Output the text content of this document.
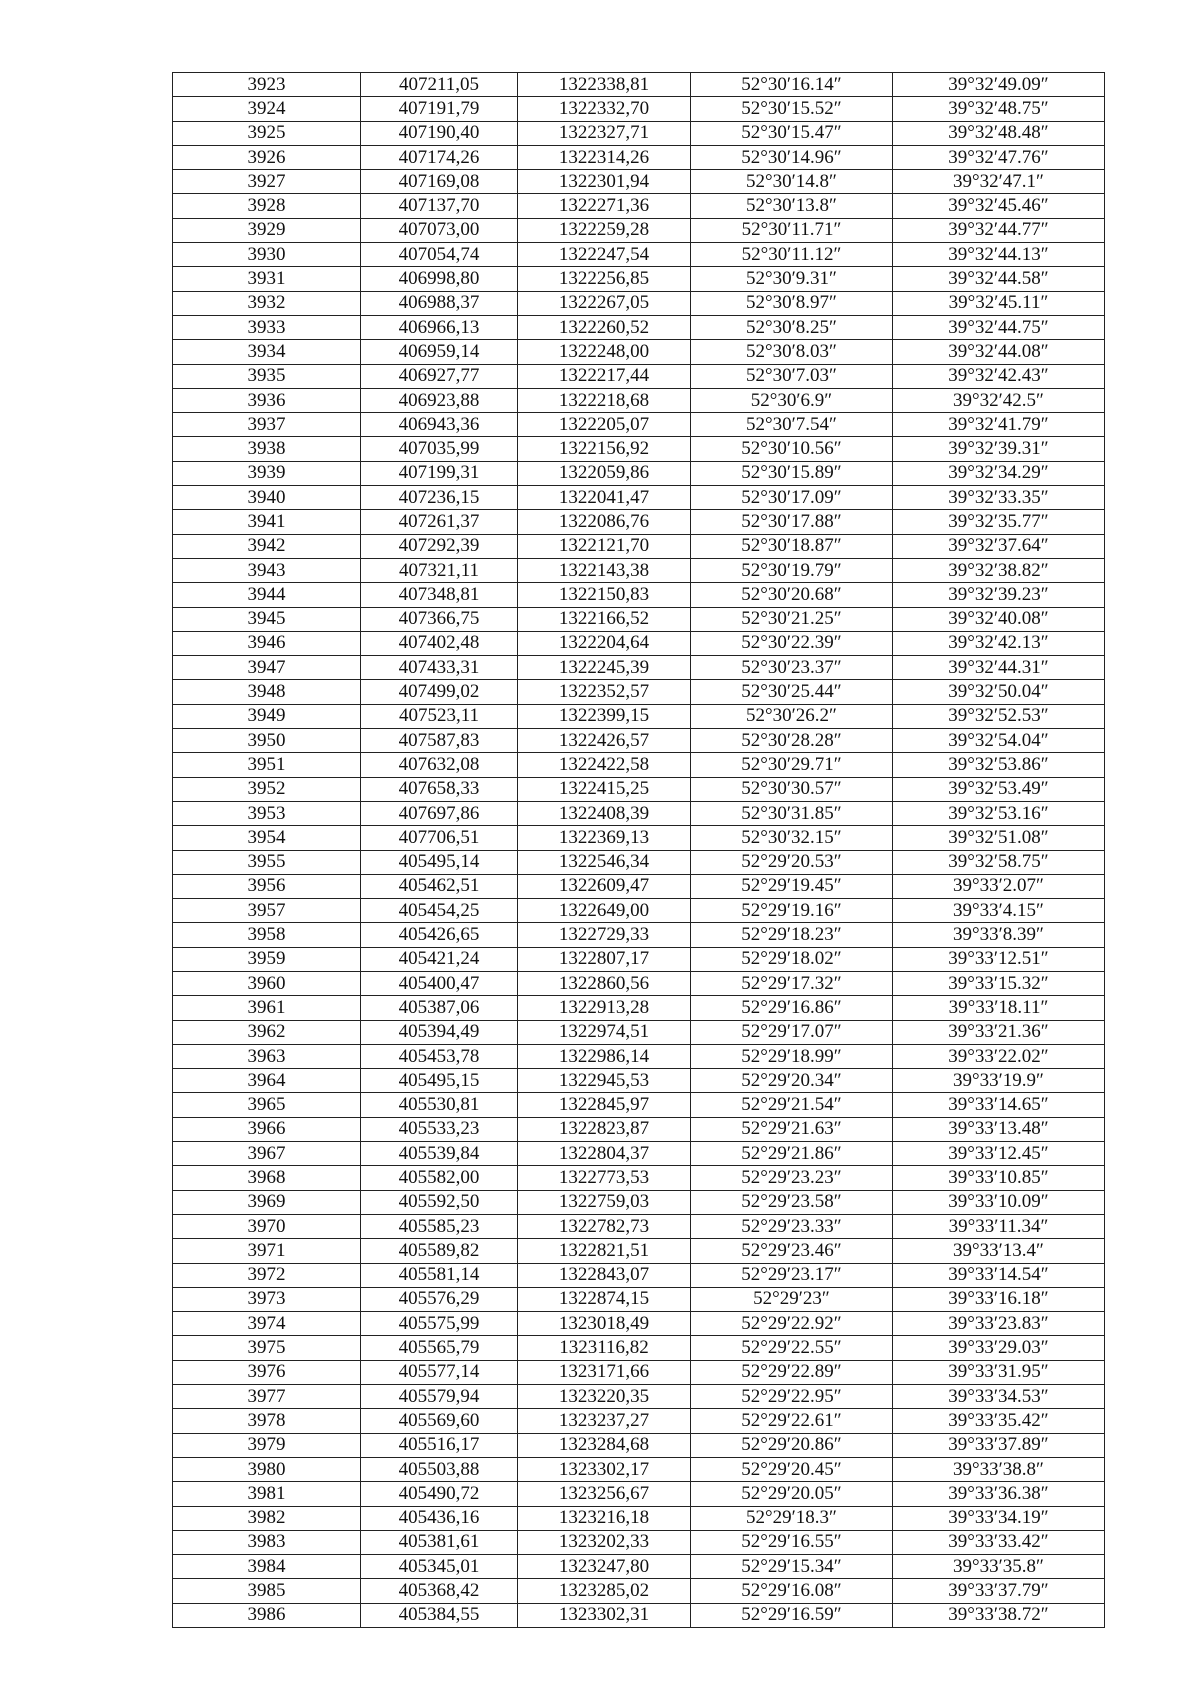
3923	407211,05	1322338,81	52°30′16.14″	39°32′49.09″
3924	407191,79	1322332,70	52°30′15.52″	39°32′48.75″
3925	407190,40	1322327,71	52°30′15.47″	39°32′48.48″
3926	407174,26	1322314,26	52°30′14.96″	39°32′47.76″
3927	407169,08	1322301,94	52°30′14.8″	39°32′47.1″
3928	407137,70	1322271,36	52°30′13.8″	39°32′45.46″
3929	407073,00	1322259,28	52°30′11.71″	39°32′44.77″
3930	407054,74	1322247,54	52°30′11.12″	39°32′44.13″
3931	406998,80	1322256,85	52°30′9.31″	39°32′44.58″
3932	406988,37	1322267,05	52°30′8.97″	39°32′45.11″
3933	406966,13	1322260,52	52°30′8.25″	39°32′44.75″
3934	406959,14	1322248,00	52°30′8.03″	39°32′44.08″
3935	406927,77	1322217,44	52°30′7.03″	39°32′42.43″
3936	406923,88	1322218,68	52°30′6.9″	39°32′42.5″
3937	406943,36	1322205,07	52°30′7.54″	39°32′41.79″
3938	407035,99	1322156,92	52°30′10.56″	39°32′39.31″
3939	407199,31	1322059,86	52°30′15.89″	39°32′34.29″
3940	407236,15	1322041,47	52°30′17.09″	39°32′33.35″
3941	407261,37	1322086,76	52°30′17.88″	39°32′35.77″
3942	407292,39	1322121,70	52°30′18.87″	39°32′37.64″
3943	407321,11	1322143,38	52°30′19.79″	39°32′38.82″
3944	407348,81	1322150,83	52°30′20.68″	39°32′39.23″
3945	407366,75	1322166,52	52°30′21.25″	39°32′40.08″
3946	407402,48	1322204,64	52°30′22.39″	39°32′42.13″
3947	407433,31	1322245,39	52°30′23.37″	39°32′44.31″
3948	407499,02	1322352,57	52°30′25.44″	39°32′50.04″
3949	407523,11	1322399,15	52°30′26.2″	39°32′52.53″
3950	407587,83	1322426,57	52°30′28.28″	39°32′54.04″
3951	407632,08	1322422,58	52°30′29.71″	39°32′53.86″
3952	407658,33	1322415,25	52°30′30.57″	39°32′53.49″
3953	407697,86	1322408,39	52°30′31.85″	39°32′53.16″
3954	407706,51	1322369,13	52°30′32.15″	39°32′51.08″
3955	405495,14	1322546,34	52°29′20.53″	39°32′58.75″
3956	405462,51	1322609,47	52°29′19.45″	39°33′2.07″
3957	405454,25	1322649,00	52°29′19.16″	39°33′4.15″
3958	405426,65	1322729,33	52°29′18.23″	39°33′8.39″
3959	405421,24	1322807,17	52°29′18.02″	39°33′12.51″
3960	405400,47	1322860,56	52°29′17.32″	39°33′15.32″
3961	405387,06	1322913,28	52°29′16.86″	39°33′18.11″
3962	405394,49	1322974,51	52°29′17.07″	39°33′21.36″
3963	405453,78	1322986,14	52°29′18.99″	39°33′22.02″
3964	405495,15	1322945,53	52°29′20.34″	39°33′19.9″
3965	405530,81	1322845,97	52°29′21.54″	39°33′14.65″
3966	405533,23	1322823,87	52°29′21.63″	39°33′13.48″
3967	405539,84	1322804,37	52°29′21.86″	39°33′12.45″
3968	405582,00	1322773,53	52°29′23.23″	39°33′10.85″
3969	405592,50	1322759,03	52°29′23.58″	39°33′10.09″
3970	405585,23	1322782,73	52°29′23.33″	39°33′11.34″
3971	405589,82	1322821,51	52°29′23.46″	39°33′13.4″
3972	405581,14	1322843,07	52°29′23.17″	39°33′14.54″
3973	405576,29	1322874,15	52°29′23″	39°33′16.18″
3974	405575,99	1323018,49	52°29′22.92″	39°33′23.83″
3975	405565,79	1323116,82	52°29′22.55″	39°33′29.03″
3976	405577,14	1323171,66	52°29′22.89″	39°33′31.95″
3977	405579,94	1323220,35	52°29′22.95″	39°33′34.53″
3978	405569,60	1323237,27	52°29′22.61″	39°33′35.42″
3979	405516,17	1323284,68	52°29′20.86″	39°33′37.89″
3980	405503,88	1323302,17	52°29′20.45″	39°33′38.8″
3981	405490,72	1323256,67	52°29′20.05″	39°33′36.38″
3982	405436,16	1323216,18	52°29′18.3″	39°33′34.19″
3983	405381,61	1323202,33	52°29′16.55″	39°33′33.42″
3984	405345,01	1323247,80	52°29′15.34″	39°33′35.8″
3985	405368,42	1323285,02	52°29′16.08″	39°33′37.79″
3986	405384,55	1323302,31	52°29′16.59″	39°33′38.72″
